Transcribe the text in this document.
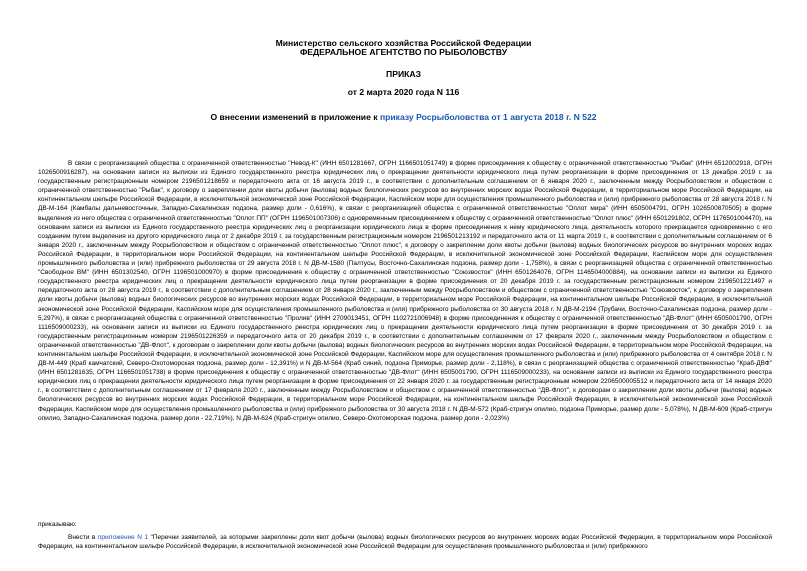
Министерство сельского хозяйства Российской Федерации
ФЕДЕРАЛЬНОЕ АГЕНТСТВО ПО РЫБОЛОВСТВУ
ПРИКАЗ
от 2 марта 2020 года N 116
О внесении изменений в приложение к приказу Росрыболовства от 1 августа 2018 г. N 522

В связи с реорганизацией общества с ограниченной ответственностью "Невод-К" (ИНН 6501281667, ОГРН 1166501051749) в форме присоединения к обществу с ограниченной ответственностью "Рыбак" (ИНН 6512002918, ОГРН 1026500916287), на основании записи из выписки из Единого государственного реестра юридических лиц о прекращении деятельности юридического лица путем реорганизации в форме присоединения от 13 декабря 2019 г. за государственным регистрационным номером 2196501218659 и передаточного акта от 16 августа 2019 г., в соответствии с дополнительным соглашением от 6 января 2020 г., заключенным между Росрыболовством и обществом с ограниченной ответственностью "Рыбак", к договору о закреплении доли квоты добычи (вылова) водных биологических ресурсов во внутренних морских водах Российской Федерации, в территориальном море Российской Федерации, на континентальном шельфе Российской Федерации, в исключительной экономической зоне Российской Федерации, Каспийском море для осуществления промышленного рыболовства и (или) прибрежного рыболовства от 28 августа 2018 г. N ДВ-М-164 (Камбалы дальневосточные, Западно-Сахалинская подзона, размер доли - 0,616%), в связи с реорганизацией общества с ограниченной ответственностью "Оплот мира" (ИНН 6505004791, ОГРН 1026500870505) в форме выделения из него общества с ограниченной ответственностью "Оплот ПП" (ОГРН 1196501007306) с одновременным присоединением к обществу с ограниченной ответственностью "Оплот плюс" (ИНН 6501291802, ОГРН 1176501004470), на основании записи из выписки из Единого государственного реестра юридических лиц о реорганизации юридического лица в форме присоединения к нему юридического лица, деятельность которого прекращается одновременно с его созданием путем выделения из другого юридического лица от 2 декабря 2019 г. за государственным регистрационным номером 2196501213192 и передаточного акта от 11 марта 2019 г., в соответствии с дополнительным соглашением от 6 января 2020 г., заключенным между Росрыболовством и обществом с ограниченной ответственностью "Оплот плюс", к договору о закреплении доли квоты добычи (вылова) водных биологических ресурсов во внутренних морских водах Российской Федерации, в территориальном море Российской Федерации, на континентальном шельфе Российской Федерации, в исключительной экономической зоне Российской Федерации, Каспийском море для осуществления промышленного рыболовства и (или) прибрежного рыболовства от 29 августа 2018 г. N ДВ-М-1580 (Палтусы, Восточно-Сахалинская подзона, размер доли - 1,758%), в связи с реорганизацией общества с ограниченной ответственностью "Свободное ВМ" (ИНН 6501302540, ОГРН 1196501000970) в форме присоединения к обществу с ограниченной ответственностью "Союзвосток" (ИНН 6501264076, ОГРН 1146504000884), на основании записи из выписки из Единого государственного реестра юридических лиц о прекращении деятельности юридического лица путем реорганизации в форме присоединения от 20 декабря 2019 г. за государственным регистрационным номером 2196501221497 и передаточного акта от 28 августа 2019 г., в соответствии с дополнительным соглашением от 28 января 2020 г., заключенным между Росрыболовством и обществом с ограниченной ответственностью "Союзвосток", к договору о закреплении доли квоты добычи (вылова) водных биологических ресурсов во внутренних морских водах Российской Федерации, в территориальном море Российской Федерации, на континентальном шельфе Российской Федерации, в исключительной экономической зоне Российской Федерации, Каспийском море для осуществления промышленного рыболовства и (или) прибрежного рыболовства от 30 августа 2018 г. N ДВ-М-2194 (Трубачи, Восточно-Сахалинская подзона, размер доли - 5,297%), в связи с реорганизацией общества с ограниченной ответственностью "Пролив" (ИНН 2709013451, ОГРН 1102721006948) в форме присоединения к обществу с ограниченной ответственностью "ДВ-Флот" (ИНН 6505001790, ОГРН 1116509000233), на основании записи из выписки из Единого государственного реестра юридических лиц о прекращении деятельности юридического лица путем реорганизации в форме присоединения от 30 декабря 2019 г. за государственным регистрационным номером 2196501226359 и передаточного акта от 20 декабря 2019 г., в соответствии с дополнительным соглашением от 17 февраля 2020 г., заключенным между Росрыболовством и обществом с ограниченной ответственностью "ДВ-Флот", к договорам о закреплении доли квоты добычи (вылова) водных биологических ресурсов во внутренних морских водах Российской Федерации, в территориальном море Российской Федерации, на континентальном шельфе Российской Федерации, в исключительной экономической зоне Российской Федерации, Каспийском море для осуществления промышленного рыболовства и (или) прибрежного рыболовства от 4 сентября 2018 г. N ДВ-М-449 (Краб камчатский, Северо-Охотоморская подзона, размер доли - 12,391%) и N ДВ-М-564 (Краб синий, подзона Приморье, размер доли - 2,118%), в связи с реорганизацией общества с ограниченной ответственностью "Краб-ДВФ" (ИНН 6501281635, ОГРН 1166501051738) в форме присоединения к обществу с ограниченной ответственностью "ДВ-Флот" (ИНН 6505001790, ОГРН 1116509000233), на основании записи из выписки из Единого государственного реестра юридических лиц о прекращении деятельности юридического лица путем реорганизации в форме присоединения от 22 января 2020 г. за государственным регистрационным номером 2206500005512 и передаточного акта от 14 января 2020 г., в соответствии с дополнительным соглашением от 17 февраля 2020 г., заключенным между Росрыболовством и обществом с ограниченной ответственностью "ДВ-Флот", к договорам о закреплении доли квоты добычи (вылова) водных биологических ресурсов во внутренних морских водах Российской Федерации, в территориальном море Российской Федерации, на континентальном шельфе Российской Федерации, в исключительной экономической зоне Российской Федерации, Каспийском море для осуществления промышленного рыболовства и (или) прибрежного рыболовства от 30 августа 2018 г. N ДВ-М-572 (Краб-стригун опилио, подзона Приморье, размер доли - 5,078%), N ДВ-М-609 (Краб-стригун опилио, Западно-Сахалинская подзона, размер доли - 22,719%), N ДВ-М-624 (Краб-стригун опилио, Северо-Охотоморская подзона, размер доли - 2,023%)

приказываю:

Внести в приложение N 1 "Перечни заявителей, за которыми закреплены доли квот добычи (вылова) водных биологических ресурсов во внутренних морских водах Российской Федерации, в территориальном море Российской Федерации, на континентальном шельфе Российской Федерации, в исключительной экономической зоне Российской Федерации для осуществления промышленного рыболовства и (или) прибрежного
